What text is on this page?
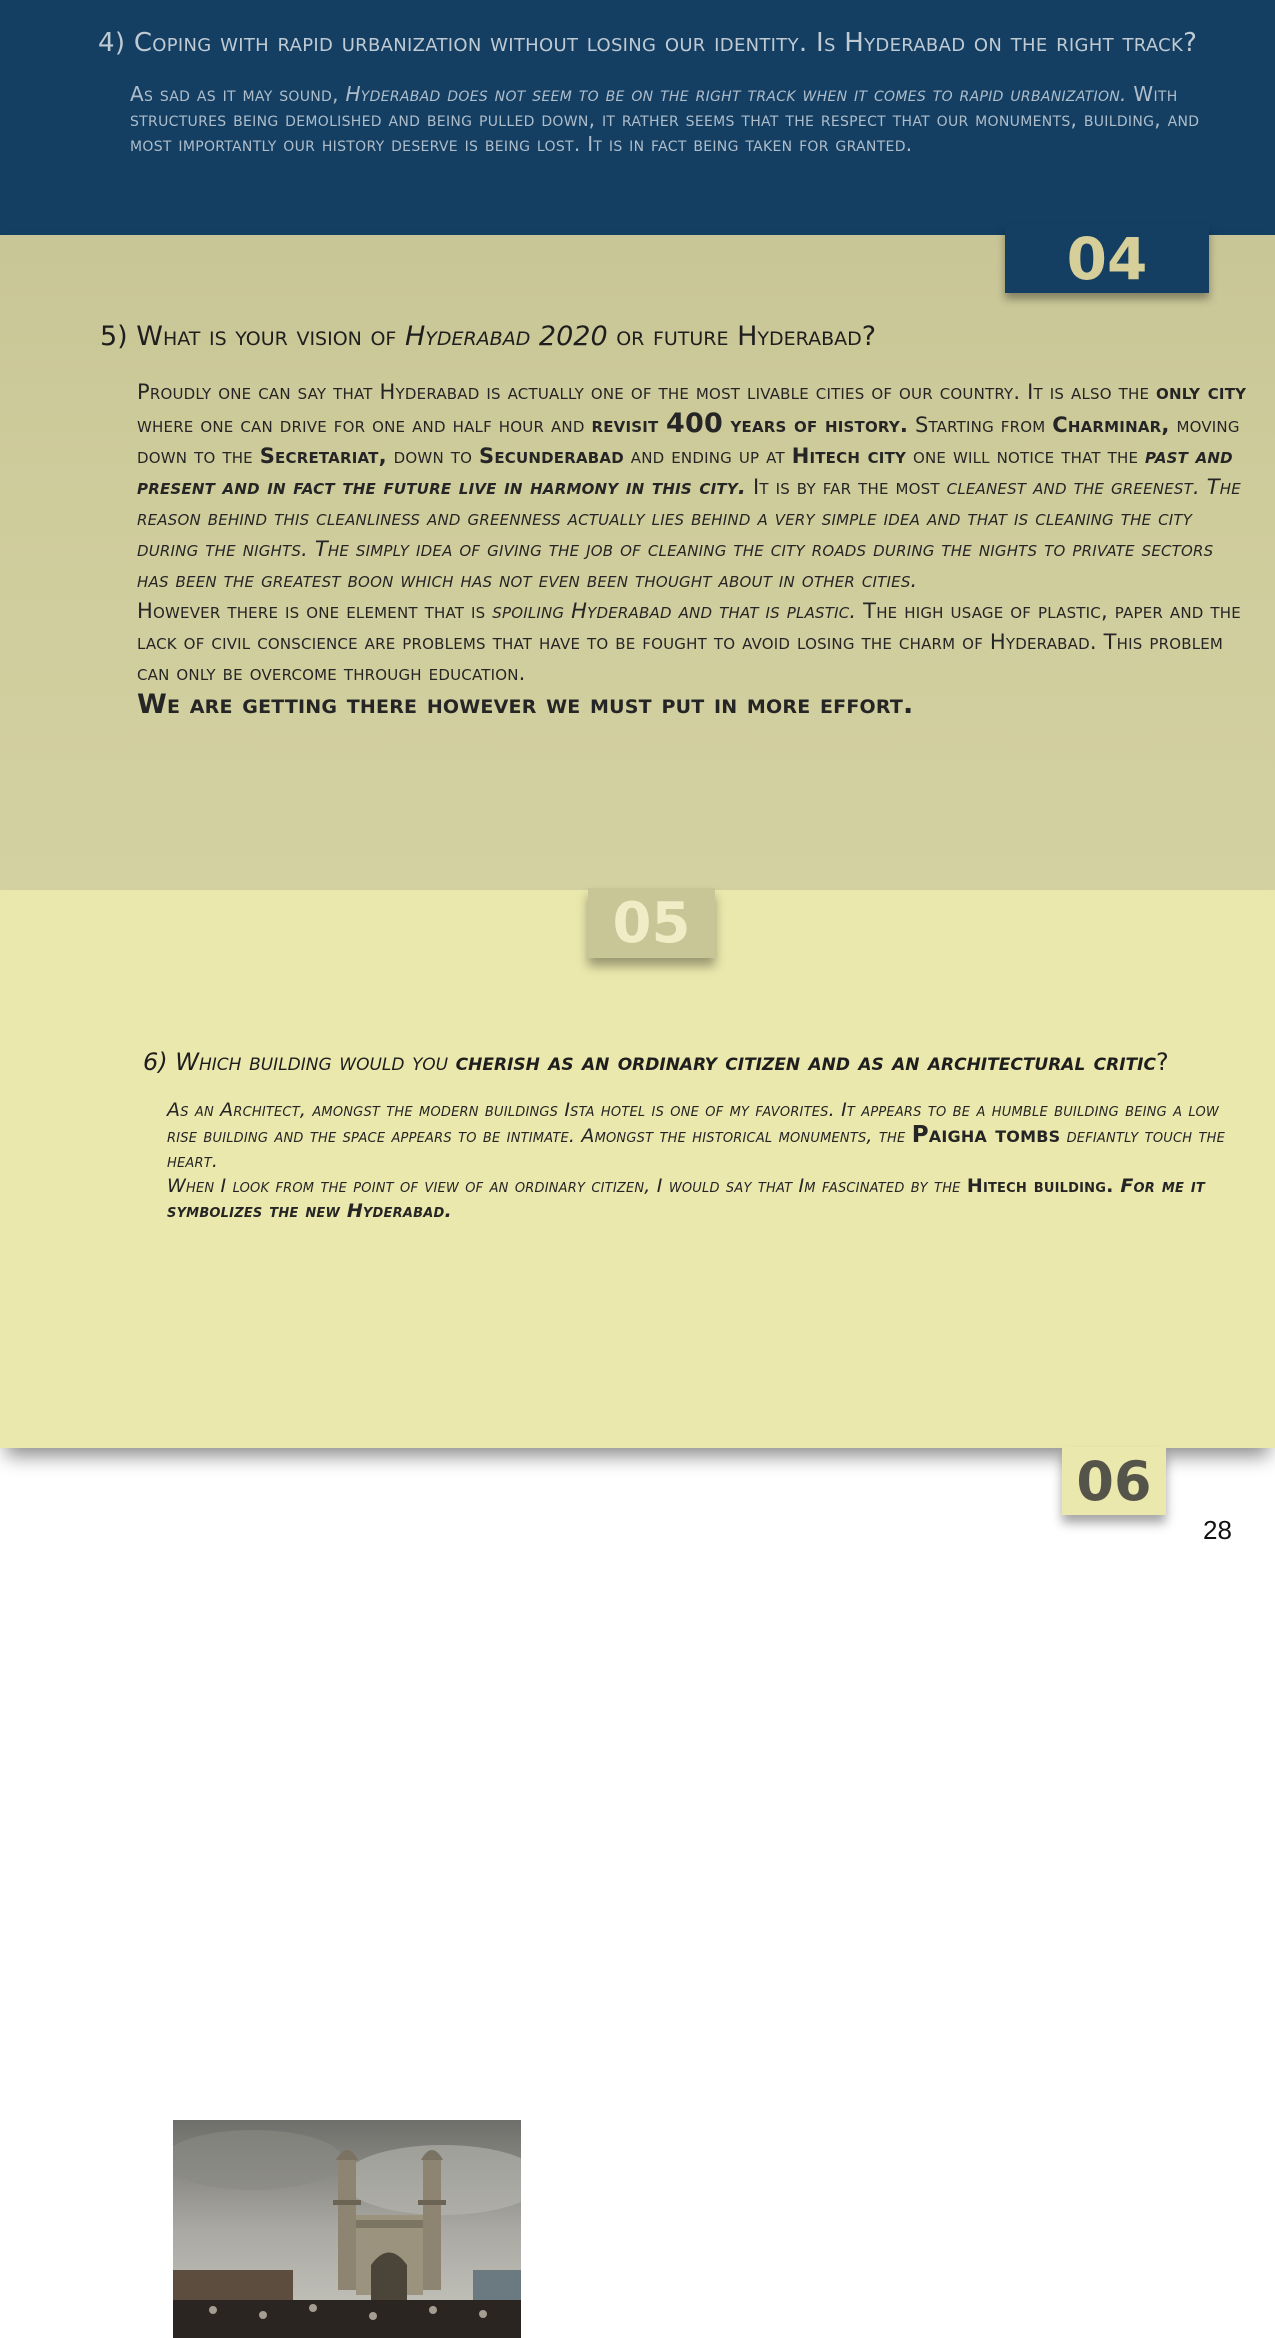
4) Coping with rapid urbanization without losing our identity. Is Hyderabad on the right track?

As sad as it may sound, Hyderabad does not seem to be on the right track when it comes to rapid urbanization. With structures being demolished and being pulled down, it rather seems that the respect that our monuments, building, and most importantly our history deserve is being lost. It is in fact being taken for granted.

5) What is your vision of Hyderabad 2020 or future Hyderabad?
Proudly one can say that Hyderabad is actually one of the most livable cities of our country. It is also the only city where one can drive for one and half hour and revisit 400 years of history. Starting from Charminar, moving down to the Secretariat, down to Secunderabad and ending up at Hitech city one will notice that the past and present and in fact the future live in harmony in this city. It is by far the most cleanest and the greenest. The reason behind this cleanliness and greenness actually lies behind a very simple idea and that is cleaning the city during the nights. The simply idea of giving the job of cleaning the city roads during the nights to private sectors has been the greatest boon which has not even been thought about in other cities.
However there is one element that is spoiling Hyderabad and that is plastic. The high usage of plastic, paper and the lack of civil conscience are problems that have to be fought to avoid losing the charm of Hyderabad. This problem can only be overcome through education.
We are getting there however we must put in more effort.
04
6) Which building would you cherish as an ordinary citizen and as an architectural critic?
As an Architect, amongst the modern buildings Ista hotel is one of my favorites. It appears to be a humble building being a low rise building and the space appears to be intimate. Amongst the historical monuments, the Paigha tombs defiantly touch the heart.
When I look from the point of view of an ordinary citizen, I would say that Im fascinated by the Hitech building. For me it symbolizes the new Hyderabad.
05
06
28
